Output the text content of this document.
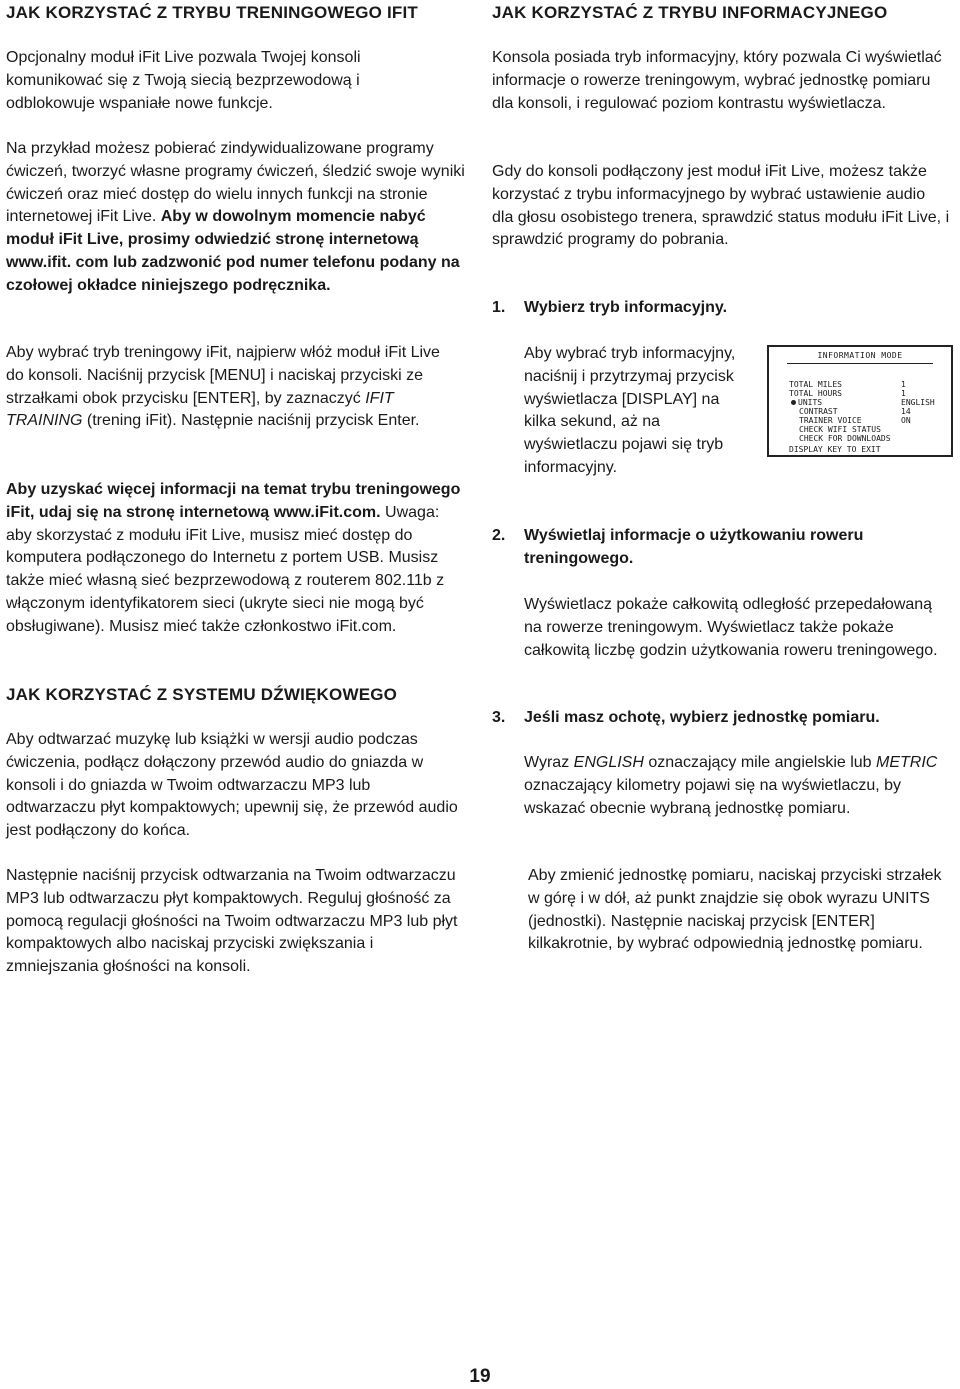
JAK KORZYSTAĆ Z TRYBU TRENINGOWEGO IFIT

Opcjonalny moduł iFit Live pozwala Twojej konsoli komunikować się z Twoją siecią bezprzewodową i odblokowuje wspaniałe nowe funkcje.

Na przykład możesz pobierać zindywidualizowane programy ćwiczeń, tworzyć własne programy ćwiczeń, śledzić swoje wyniki ćwiczeń oraz mieć dostęp do wielu innych funkcji na stronie internetowej iFit Live. Aby w dowolnym momencie nabyć moduł iFit Live, prosimy odwiedzić stronę internetową www.ifit. com lub zadzwonić pod numer telefonu podany na czołowej okładce niniejszego podręcznika.

Aby wybrać tryb treningowy iFit, najpierw włóż moduł iFit Live do konsoli. Naciśnij przycisk [MENU] i naciskaj przyciski ze strzałkami obok przycisku [ENTER], by zaznaczyć IFIT TRAINING (trening iFit). Następnie naciśnij przycisk Enter.

Aby uzyskać więcej informacji na temat trybu treningowego iFit, udaj się na stronę internetową www.iFit.com. Uwaga: aby skorzystać z modułu iFit Live, musisz mieć dostęp do komputera podłączonego do Internetu z portem USB. Musisz także mieć własną sieć bezprzewodową z routerem 802.11b z włączonym identyfikatorem sieci (ukryte sieci nie mogą być obsługiwane). Musisz mieć także członkostwo iFit.com.

JAK KORZYSTAĆ Z SYSTEMU DŹWIĘKOWEGO

Aby odtwarzać muzykę lub książki w wersji audio podczas ćwiczenia, podłącz dołączony przewód audio do gniazda w konsoli i do gniazda w Twoim odtwarzaczu MP3 lub odtwarzaczu płyt kompaktowych; upewnij się, że przewód audio jest podłączony do końca.

Następnie naciśnij przycisk odtwarzania na Twoim odtwarzaczu MP3 lub odtwarzaczu płyt kompaktowych. Reguluj głośność za pomocą regulacji głośności na Twoim odtwarzaczu MP3 lub płyt kompaktowych albo naciskaj przyciski zwiększania i zmniejszania głośności na konsoli.

JAK KORZYSTAĆ Z TRYBU INFORMACYJNEGO

Konsola posiada tryb informacyjny, który pozwala Ci wyświetlać informacje o rowerze treningowym, wybrać jednostkę pomiaru dla konsoli, i regulować poziom kontrastu wyświetlacza.

Gdy do konsoli podłączony jest moduł iFit Live, możesz także korzystać z trybu informacyjnego by wybrać ustawienie audio dla głosu osobistego trenera, sprawdzić status modułu iFit Live, i sprawdzić programy do pobrania.

1. Wybierz tryb informacyjny.

Aby wybrać tryb informacyjny, naciśnij i przytrzymaj przycisk wyświetlacza [DISPLAY] na kilka sekund, aż na wyświetlaczu pojawi się tryb informacyjny.

2. Wyświetlaj informacje o użytkowaniu roweru treningowego.

Wyświetlacz pokaże całkowitą odległość przepedałowaną na rowerze treningowym. Wyświetlacz także pokaże całkowitą liczbę godzin użytkowania roweru treningowego.

3. Jeśli masz ochotę, wybierz jednostkę pomiaru.

Wyraz ENGLISH oznaczający mile angielskie lub METRIC oznaczający kilometry pojawi się na wyświetlaczu, by wskazać obecnie wybraną jednostkę pomiaru.

Aby zmienić jednostkę pomiaru, naciskaj przyciski strzałek w górę i w dół, aż punkt znajdzie się obok wyrazu UNITS (jednostki). Następnie naciskaj przycisk [ENTER] kilkakrotnie, by wybrać odpowiednią jednostkę pomiaru.

INFORMATION MODE
TOTAL MILES	1
TOTAL HOURS	1
UNITS	ENGLISH
CONTRAST	14
TRAINER VOICE	ON
CHECK WIFI STATUS
CHECK FOR DOWNLOADS
DISPLAY KEY TO EXIT
19
